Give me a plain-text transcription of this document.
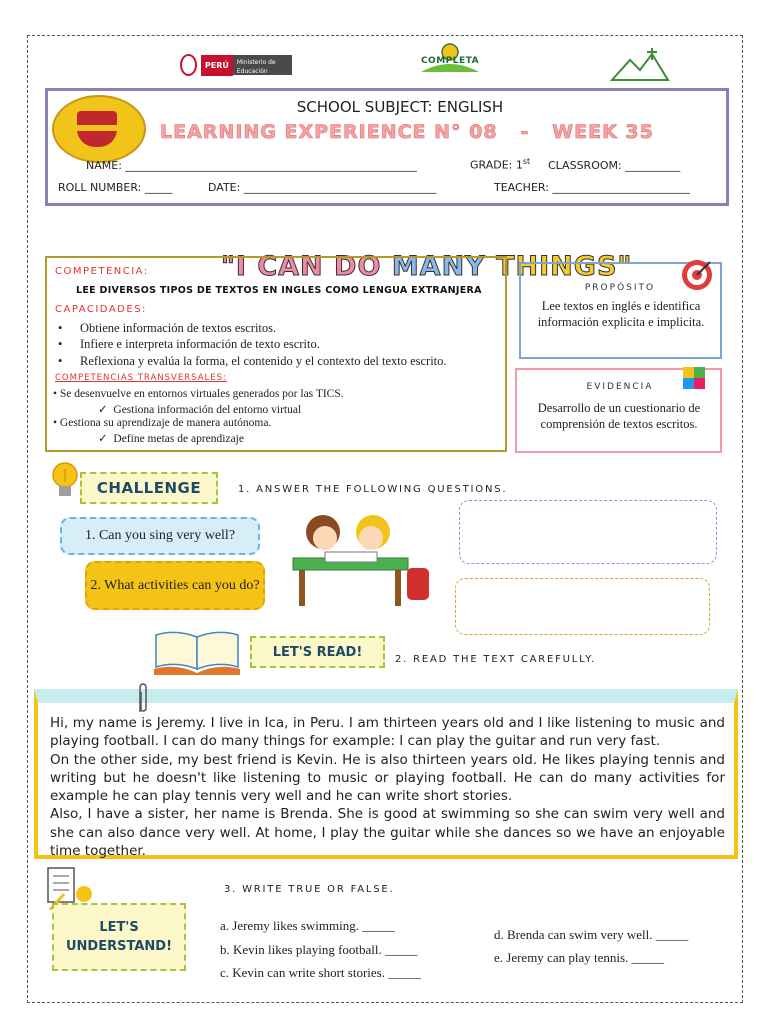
PERÚ	Ministerio de Educación
COMPLETA
SCHOOL SUBJECT: ENGLISH
LEARNING EXPERIENCE N° 08   -   WEEK 35
NAME: _____________________________________________________	GRADE: 1st CLASSROOM: __________
ROLL NUMBER: _____	DATE: ___________________________________	TEACHER: _________________________

"I CAN DO MANY THINGS"

COMPETENCIA:
LEE DIVERSOS TIPOS DE TEXTOS EN INGLES COMO LENGUA EXTRANJERA
CAPACIDADES:
• Obtiene información de textos escritos.
• Infiere e interpreta información de texto escrito.
• Reflexiona y evalúa la forma, el contenido y el contexto del texto escrito.
COMPETENCIAS TRANSVERSALES:
• Se desenvuelve en entornos virtuales generados por las TICS.
✓ Gestiona información del entorno virtual
• Gestiona su aprendizaje de manera autónoma.
✓ Define metas de aprendizaje
PROPÓSITO
Lee textos en inglés e identifica información explicita e implicita.
EVIDENCIA
Desarrollo de un cuestionario de comprensión de textos escritos.
CHALLENGE	1. ANSWER THE FOLLOWING QUESTIONS.
1. Can you sing very well?
2. What activities can you do?
LET'S READ!	2. READ THE TEXT CAREFULLY.

Hi, my name is Jeremy. I live in Ica, in Peru. I am thirteen years old and I like listening to music and playing football. I can do many things for example: I can play the guitar and run very fast.

On the other side, my best friend is Kevin. He is also thirteen years old. He likes playing tennis and writing but he doesn't like listening to music or playing football. He can do many activities for example he can play tennis very well and he can write short stories.

Also, I have a sister, her name is Brenda. She is good at swimming so she can swim very well and she can also dance very well. At home, I play the guitar while she dances so we have an enjoyable time together.

LET'S
UNDERSTAND!
3. WRITE TRUE OR FALSE.
a. Jeremy likes swimming. _____
b. Kevin likes playing football. _____
c. Kevin can write short stories. _____
d. Brenda can swim very well. _____
e. Jeremy can play tennis. _____
